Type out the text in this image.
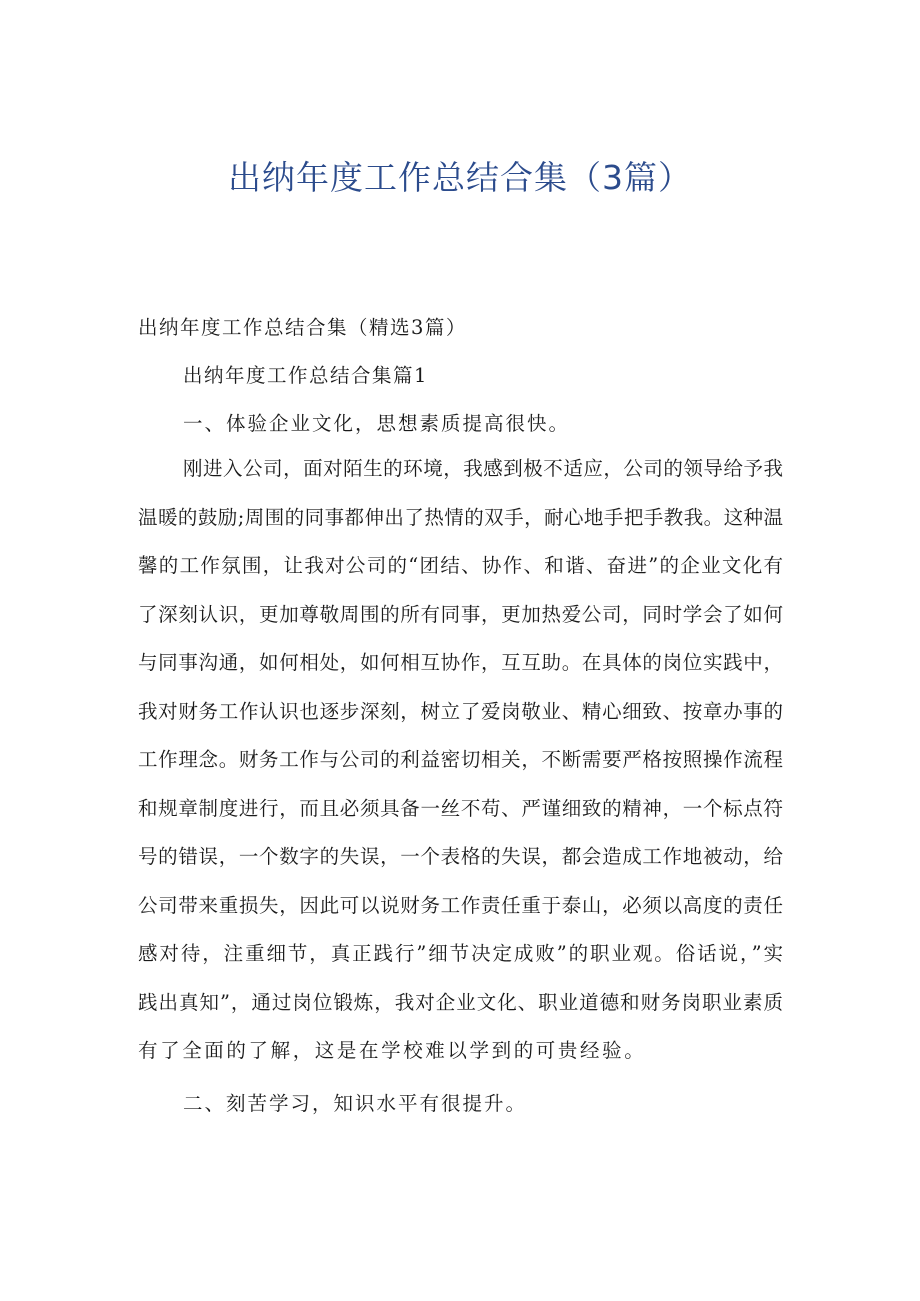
出纳年度工作总结合集（3篇）
出纳年度工作总结合集（精选3篇）
出纳年度工作总结合集篇1
一、体验企业文化，思想素质提高很快。
刚进入公司，面对陌生的环境，我感到极不适应，公司的领导给予我
温暖的鼓励;周围的同事都伸出了热情的双手，耐心地手把手教我。这种温
馨的工作氛围，让我对公司的“团结、协作、和谐、奋进”的企业文化有
了深刻认识，更加尊敬周围的所有同事，更加热爱公司，同时学会了如何
与同事沟通，如何相处，如何相互协作，互互助。在具体的岗位实践中，
我对财务工作认识也逐步深刻，树立了爱岗敬业、精心细致、按章办事的
工作理念。财务工作与公司的利益密切相关，不断需要严格按照操作流程
和规章制度进行，而且必须具备一丝不苟、严谨细致的精神，一个标点符
号的错误，一个数字的失误，一个表格的失误，都会造成工作地被动，给
公司带来重损失，因此可以说财务工作责任重于泰山，必须以高度的责任
感对待，注重细节，真正践行”细节决定成败”的职业观。俗话说，”实
践出真知”，通过岗位锻炼，我对企业文化、职业道德和财务岗职业素质
有了全面的了解，这是在学校难以学到的可贵经验。
二、刻苦学习，知识水平有很提升。
